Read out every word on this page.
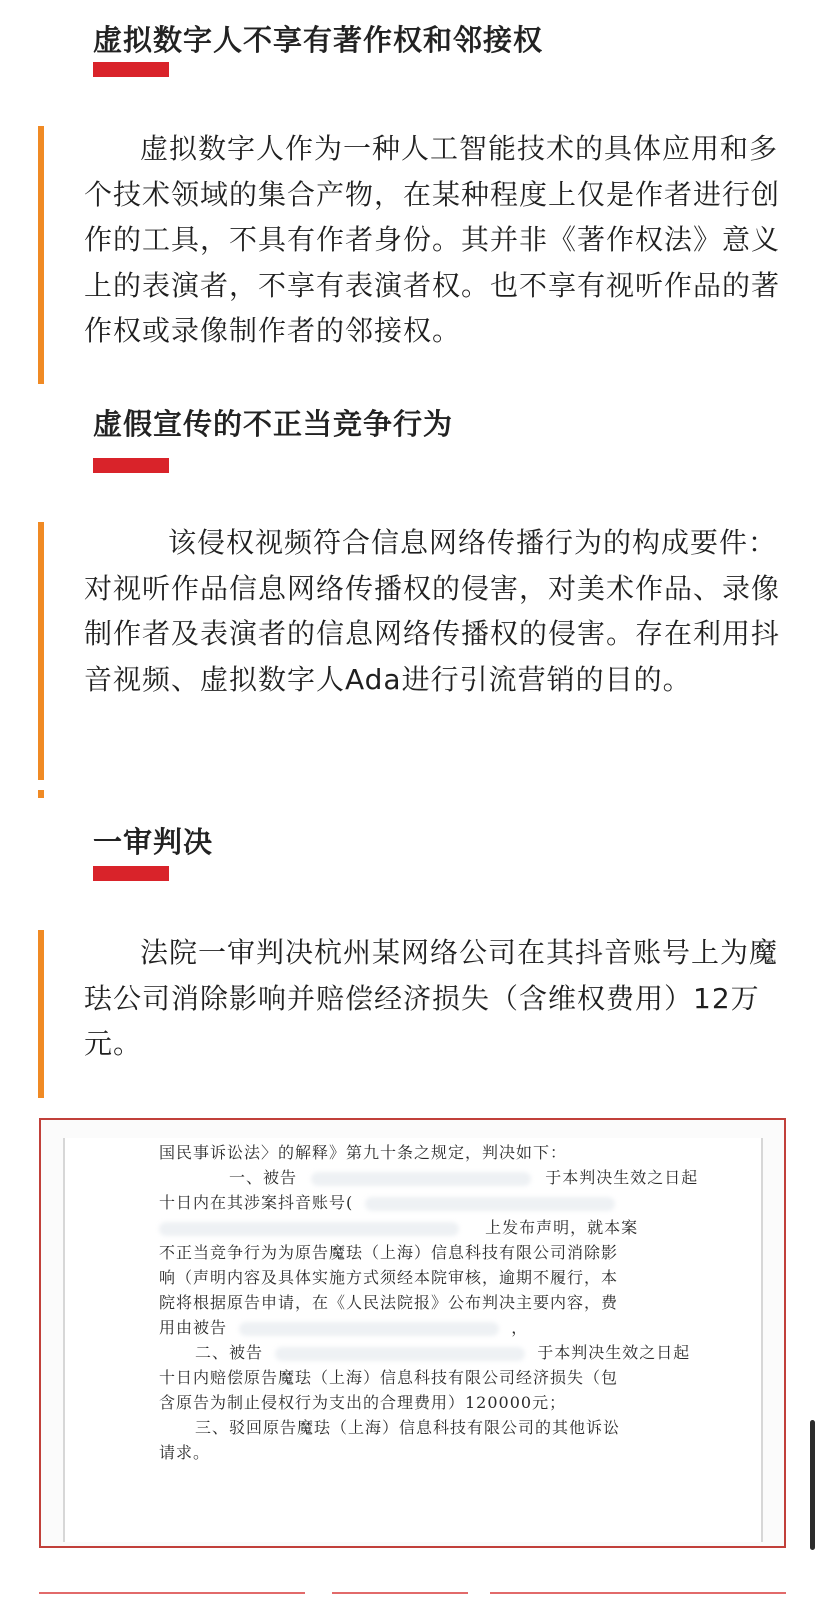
虚拟数字人不享有著作权和邻接权
虚拟数字人作为一种人工智能技术的具体应用和多个技术领域的集合产物，在某种程度上仅是作者进行创作的工具，不具有作者身份。其并非《著作权法》意义上的表演者，不享有表演者权。也不享有视听作品的著作权或录像制作者的邻接权。
虚假宣传的不正当竞争行为
该侵权视频符合信息网络传播行为的构成要件：对视听作品信息网络传播权的侵害，对美术作品、录像制作者及表演者的信息网络传播权的侵害。存在利用抖音视频、虚拟数字人Ada进行引流营销的目的。
一审判决
法院一审判决杭州某网络公司在其抖音账号上为魔珐公司消除影响并赔偿经济损失（含维权费用）12万元。
国民事诉讼法〉的解释》第九十条之规定，判决如下：
一、被告	于本判决生效之日起
十日内在其涉案抖音账号(
上发布声明，就本案
不正当竞争行为为原告魔珐（上海）信息科技有限公司消除影
响（声明内容及具体实施方式须经本院审核，逾期不履行，本
院将根据原告申请，在《人民法院报》公布判决主要内容，费
用由被告	，
二、被告	于本判决生效之日起
十日内赔偿原告魔珐（上海）信息科技有限公司经济损失（包
含原告为制止侵权行为支出的合理费用）120000元；
三、驳回原告魔珐（上海）信息科技有限公司的其他诉讼
请求。
